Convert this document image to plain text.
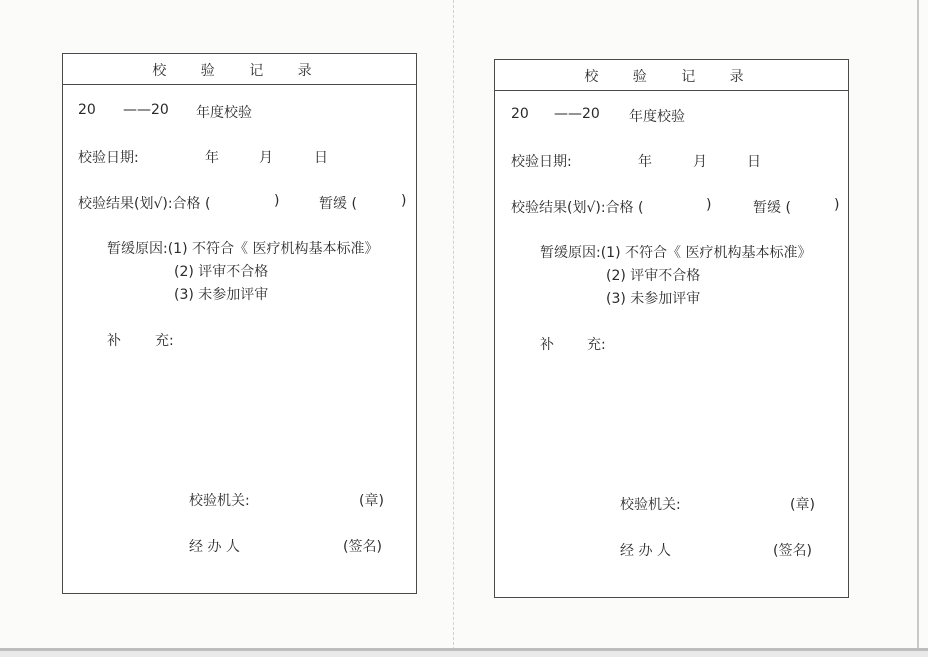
校 验 记 录
20 ——20 年度校验
校验日期:	年	月	日
校验结果(划√):合格 (	)	暂缓 (	)
暂缓原因:(1) 不符合《 医疗机构基本标准》
(2) 评审不合格
(3) 未参加评审
补 充:
校验机关:	(章)
经 办 人	(签名)
校 验 记 录
20 ——20 年度校验
校验日期:	年	月	日
校验结果(划√):合格 (	)	暂缓 (	)
暂缓原因:(1) 不符合《 医疗机构基本标准》
(2) 评审不合格
(3) 未参加评审
补 充:
校验机关:	(章)
经 办 人	(签名)
